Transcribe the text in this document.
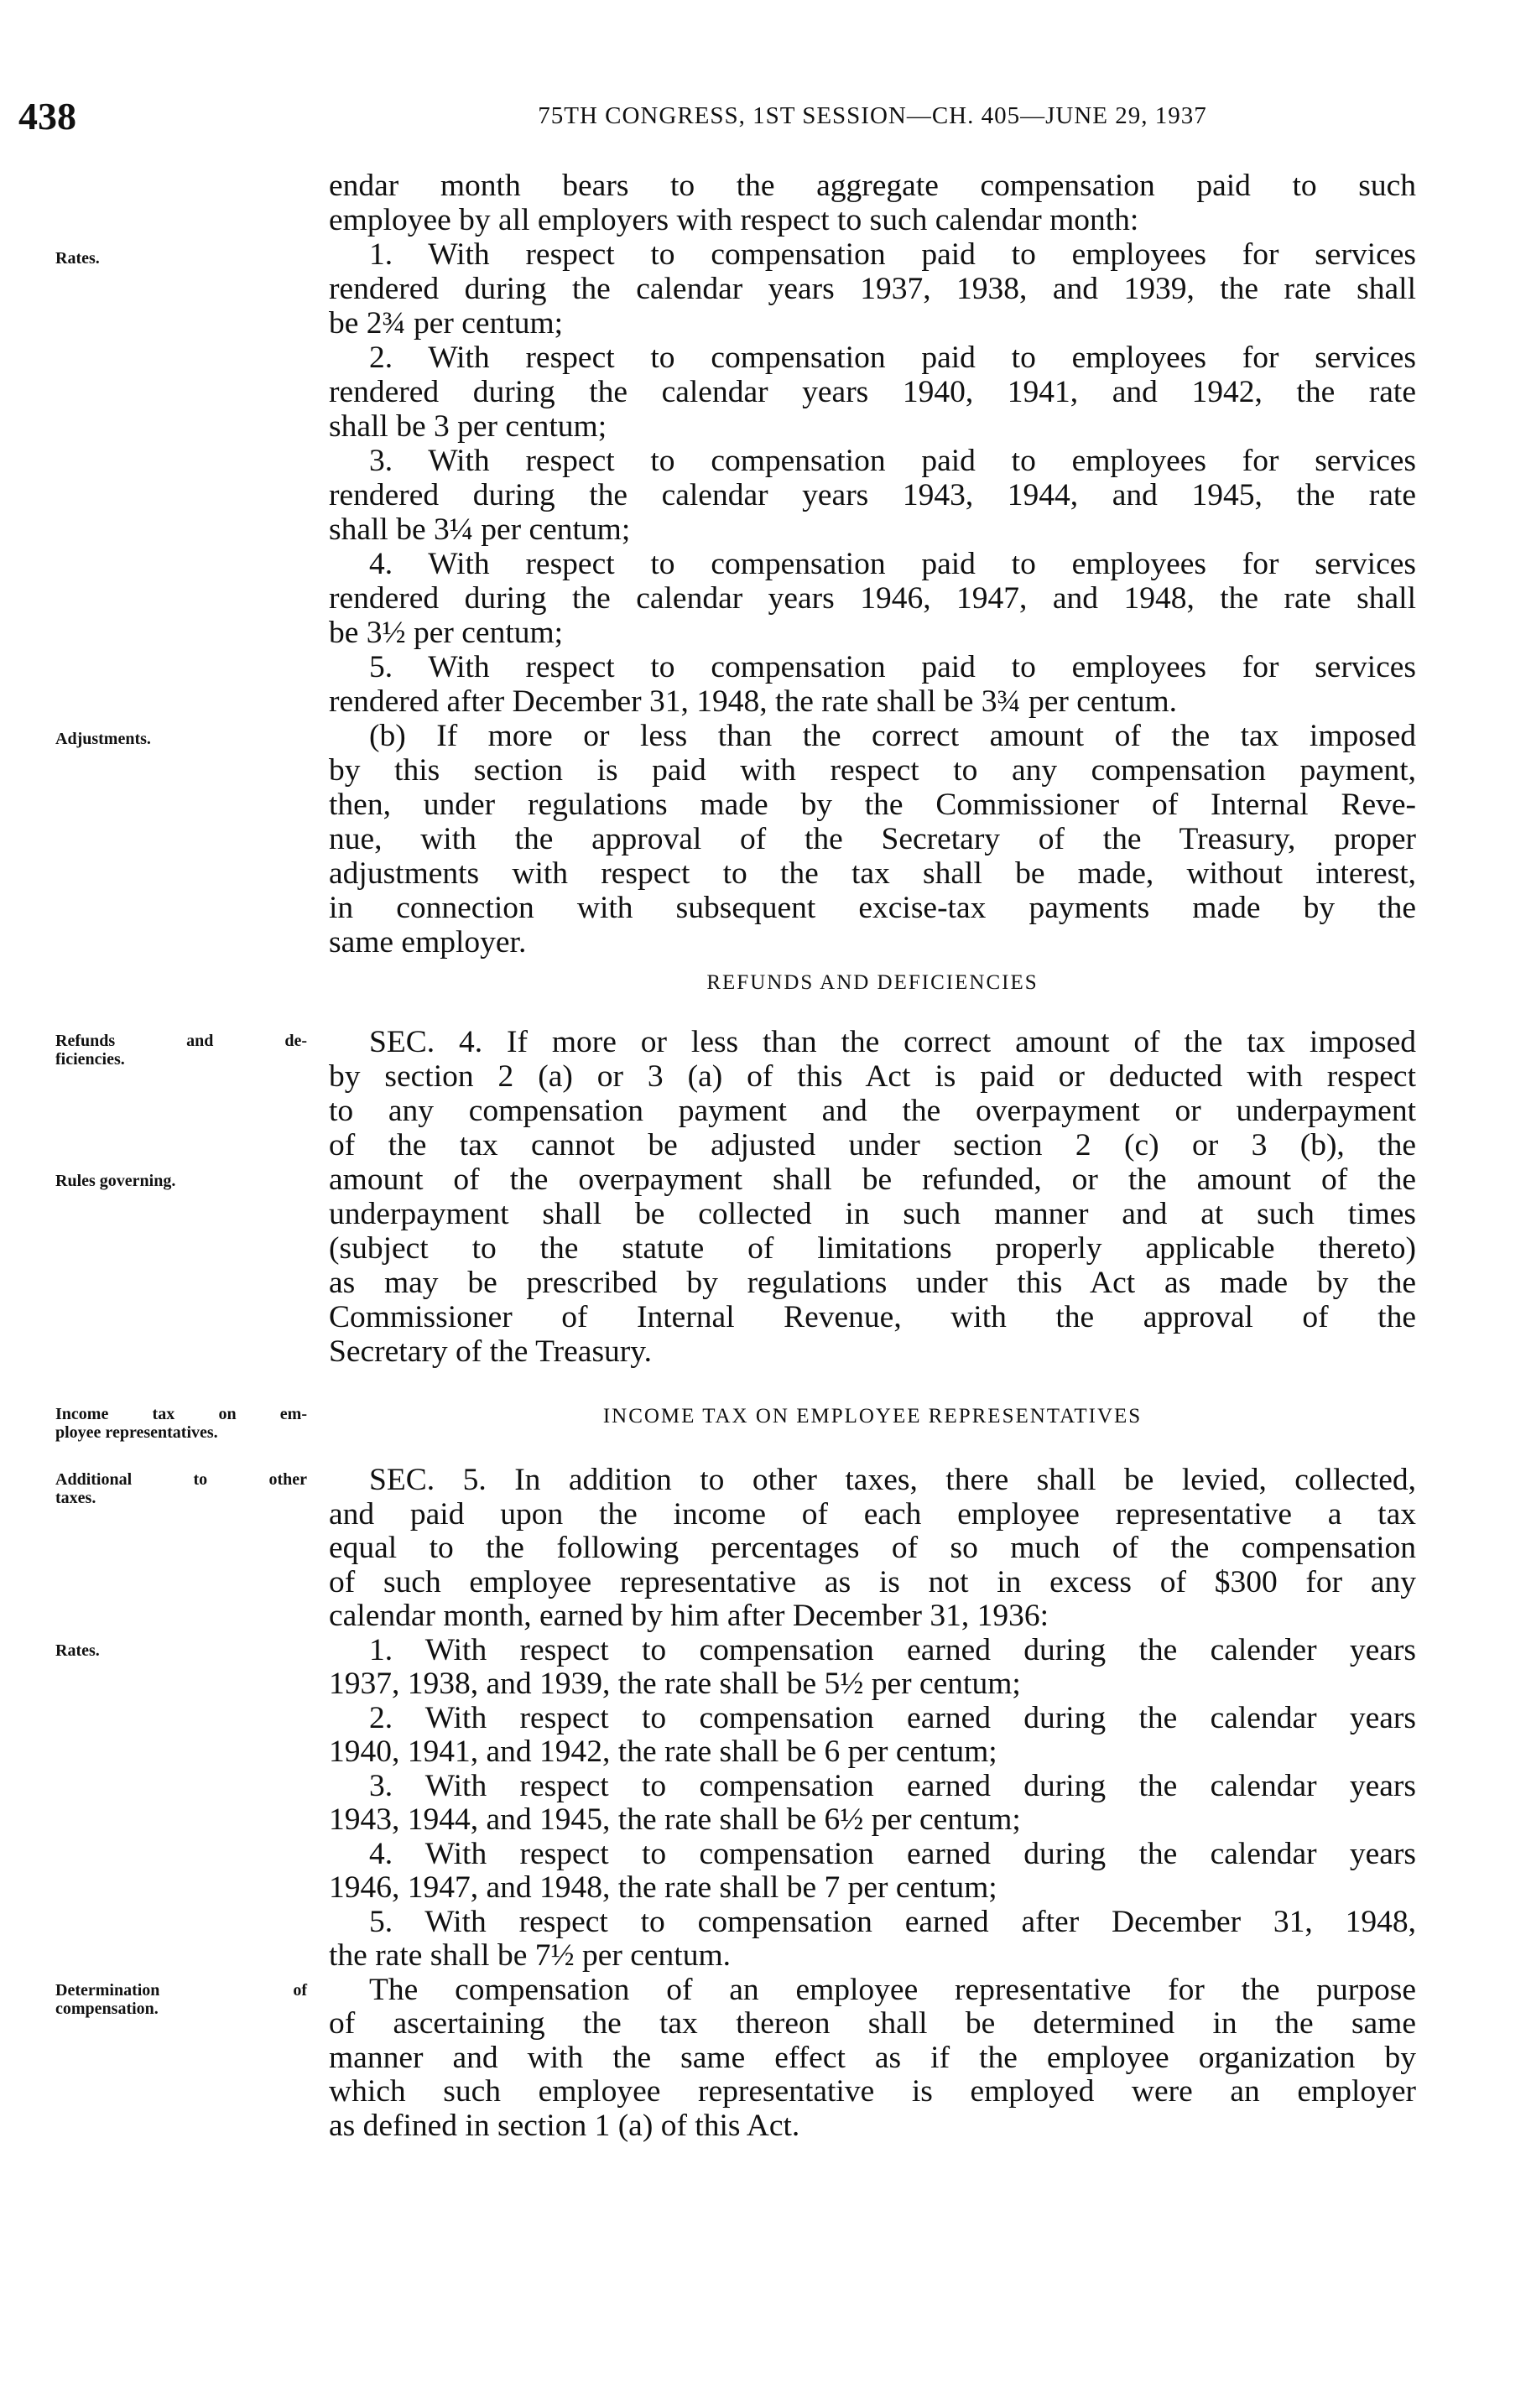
438	75TH CONGRESS, 1ST SESSION—CH. 405—JUNE 29, 1937
endar month bears to the aggregate compensation paid to such
employee by all employers with respect to such calendar month:
1. With respect to compensation paid to employees for services
rendered during the calendar years 1937, 1938, and 1939, the rate shall
be 2¾ per centum;
2. With respect to compensation paid to employees for services
rendered during the calendar years 1940, 1941, and 1942, the rate
shall be 3 per centum;
3. With respect to compensation paid to employees for services
rendered during the calendar years 1943, 1944, and 1945, the rate
shall be 3¼ per centum;
4. With respect to compensation paid to employees for services
rendered during the calendar years 1946, 1947, and 1948, the rate shall
be 3½ per centum;
5. With respect to compensation paid to employees for services
rendered after December 31, 1948, the rate shall be 3¾ per centum.
(b) If more or less than the correct amount of the tax imposed
by this section is paid with respect to any compensation payment,
then, under regulations made by the Commissioner of Internal Reve-
nue, with the approval of the Secretary of the Treasury, proper
adjustments with respect to the tax shall be made, without interest,
in connection with subsequent excise-tax payments made by the
same employer.
REFUNDS AND DEFICIENCIES
SEC. 4. If more or less than the correct amount of the tax imposed
by section 2 (a) or 3 (a) of this Act is paid or deducted with respect
to any compensation payment and the overpayment or underpayment
of the tax cannot be adjusted under section 2 (c) or 3 (b), the
amount of the overpayment shall be refunded, or the amount of the
underpayment shall be collected in such manner and at such times
(subject to the statute of limitations properly applicable thereto)
as may be prescribed by regulations under this Act as made by the
Commissioner of Internal Revenue, with the approval of the
Secretary of the Treasury.
INCOME TAX ON EMPLOYEE REPRESENTATIVES
SEC. 5. In addition to other taxes, there shall be levied, collected,
and paid upon the income of each employee representative a tax
equal to the following percentages of so much of the compensation
of such employee representative as is not in excess of $300 for any
calendar month, earned by him after December 31, 1936:
1. With respect to compensation earned during the calender years
1937, 1938, and 1939, the rate shall be 5½ per centum;
2. With respect to compensation earned during the calendar years
1940, 1941, and 1942, the rate shall be 6 per centum;
3. With respect to compensation earned during the calendar years
1943, 1944, and 1945, the rate shall be 6½ per centum;
4. With respect to compensation earned during the calendar years
1946, 1947, and 1948, the rate shall be 7 per centum;
5. With respect to compensation earned after December 31, 1948,
the rate shall be 7½ per centum.
The compensation of an employee representative for the purpose
of ascertaining the tax thereon shall be determined in the same
manner and with the same effect as if the employee organization by
which such employee representative is employed were an employer
as defined in section 1 (a) of this Act.
Rates.
Adjustments.
Refunds and de-
ficiencies.
Rules governing.
Income tax on em-
ployee representatives.
Additional to other
taxes.
Rates.
Determination of
compensation.
